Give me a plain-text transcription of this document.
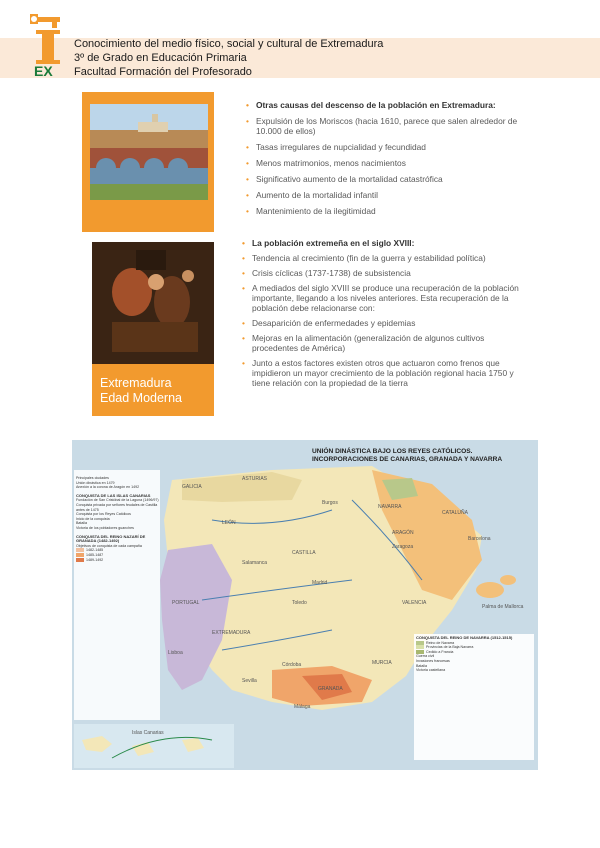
EX
Conocimiento del medio físico, social y cultural de Extremadura
3º de Grado en Educación Primaria
Facultad Formación del Profesorado
Extremadura
Edad Moderna
• Otras causas del descenso de la población en Extremadura:
• Expulsión de los Moriscos (hacia 1610, parece que salen alrededor de 10.000 de ellos)
• Tasas irregulares de nupcialidad y fecundidad
• Menos matrimonios, menos nacimientos
• Significativo aumento de la mortalidad catastrófica
• Aumento de la mortalidad infantil
• Mantenimiento de la ilegitimidad
• La población extremeña en el siglo XVIII:
• Tendencia al crecimiento (fin de la guerra y estabilidad política)
• Crisis cíclicas (1737-1738) de subsistencia
• A mediados del siglo XVIII se produce una recuperación de la población importante, llegando a los niveles anteriores. Esta recuperación de la población debe relacionarse con:
• Desaparición de enfermedades y epidemias
• Mejoras en la alimentación (generalización de algunos cultivos procedentes de América)
• Junto a estos factores existen otros que actuaron como frenos que impidieron un mayor crecimiento de la población regional hacia 1750 y tiene relación con la propiedad de la tierra
UNIÓN DINÁSTICA BAJO LOS REYES CATÓLICOS. INCORPORACIONES DE CANARIAS, GRANADA Y NAVARRA
Principales ciudades
Unión dinástica en 1479
Anexión a la corona de Aragón en 1492
CONQUISTA DE LAS ISLAS CANARIAS
Fundación de San Cristóbal de la Laguna (1496/97)
Conquista privada por señores feudales de Castilla antes de 1475
Conquista por los Reyes Católicos
Inicio de la conquista
Batalla
Victoria de los pobladores guanches
CONQUISTA DEL REINO NAZARÍ DE GRANADA (1482-1492)
Objetivos de conquista de cada campaña
1482-1485
1485-1487
1489-1492
CONQUISTA DEL REINO DE NAVARRA (1512-1515)
Reino de Navarra
Provincias de la Baja Navarra
Cedido a Francia
Guerra civil
Invasiones francesas
Batalla
Victoria castellana
GALICIA
ASTURIAS
LEÓN
CASTILLA
PORTUGAL
ARAGÓN
CATALUÑA
VALENCIA
NAVARRA
GRANADA
EXTREMADURA
Toledo
Madrid
Sevilla
Córdoba
Málaga
Barcelona
Zaragoza
Palma de Mallorca
Lisboa
Salamanca
Burgos
MURCIA
Islas Canarias
